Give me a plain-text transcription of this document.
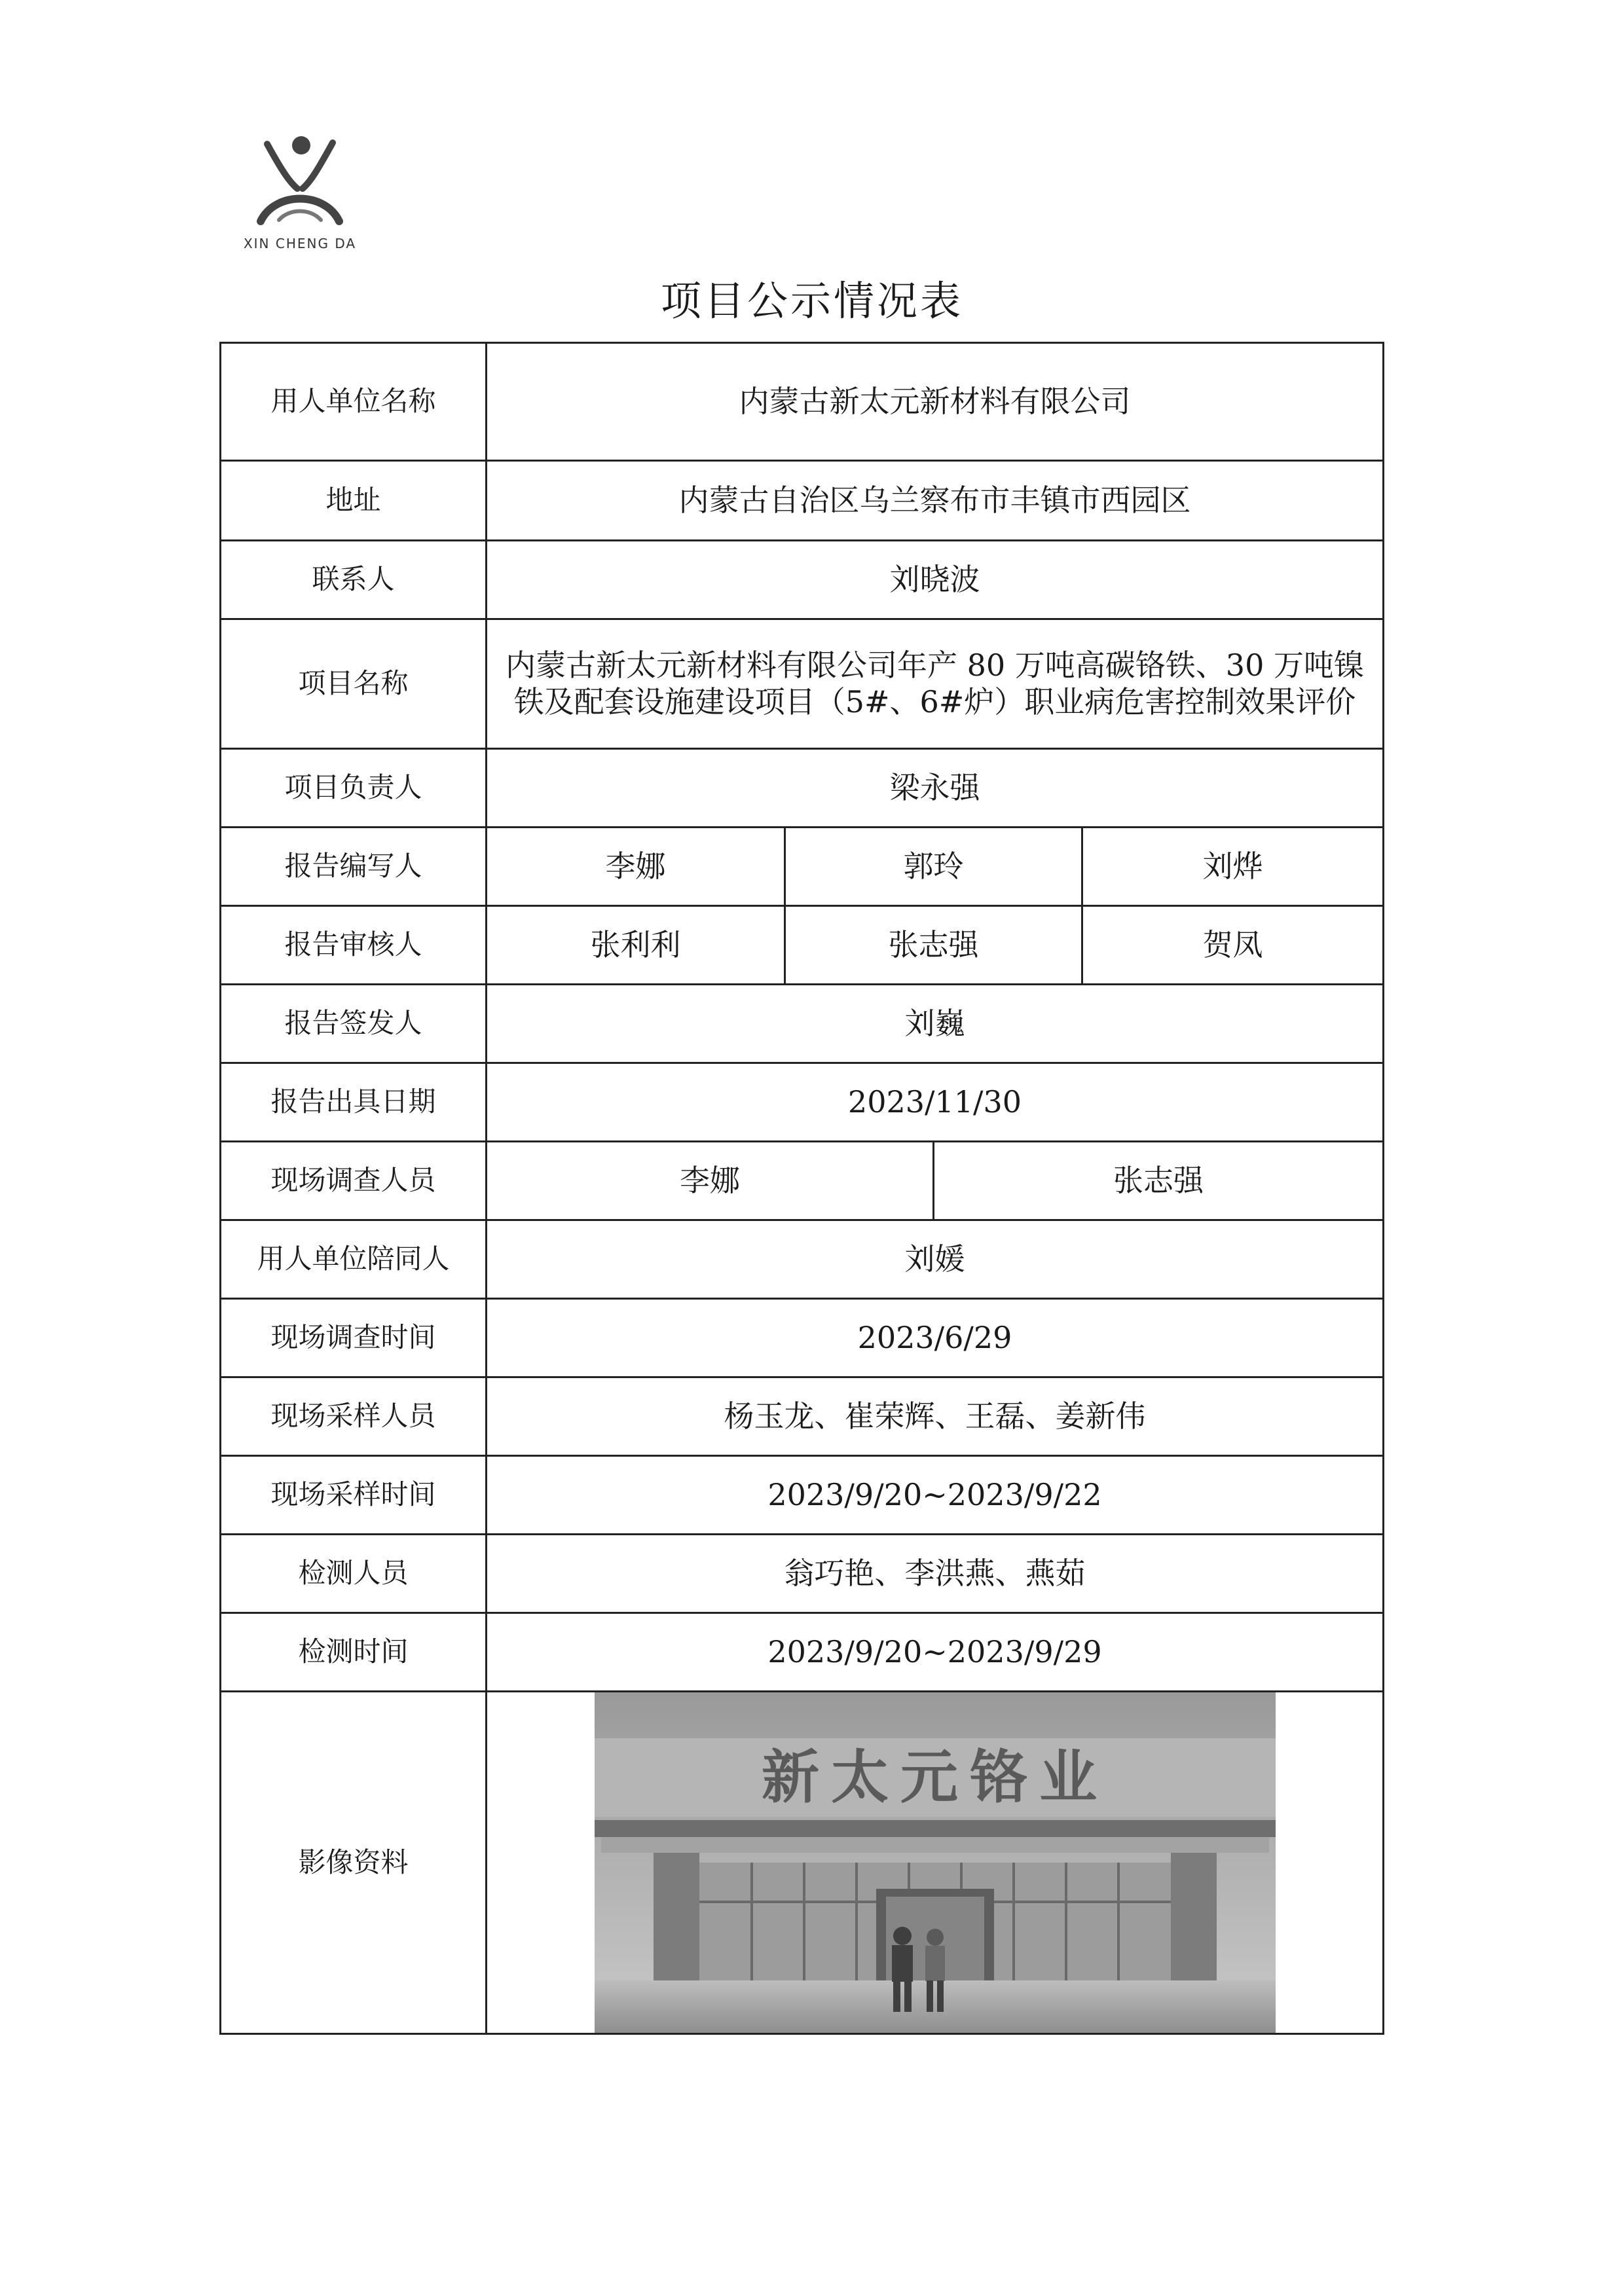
XIN CHENG DA
项目公示情况表
用人单位名称	内蒙古新太元新材料有限公司			
地址	内蒙古自治区乌兰察布市丰镇市西园区			
联系人	刘晓波			
项目名称	内蒙古新太元新材料有限公司年产 80 万吨高碳铬铁、30 万吨镍铁及配套设施建设项目（5#、6#炉）职业病危害控制效果评价			
项目负责人	梁永强			
报告编写人	李娜	郭玲		刘烨
报告审核人	张利利	张志强		贺凤
报告签发人	刘巍			
报告出具日期	2023/11/30			
现场调查人员	李娜		张志强	
用人单位陪同人	刘媛			
现场调查时间	2023/6/29			
现场采样人员	杨玉龙、崔荣辉、王磊、姜新伟			
现场采样时间	2023/9/20~2023/9/22			
检测人员	翁巧艳、李洪燕、燕茹			
检测时间	2023/9/20~2023/9/29			
影像资料	新太元铬业			
